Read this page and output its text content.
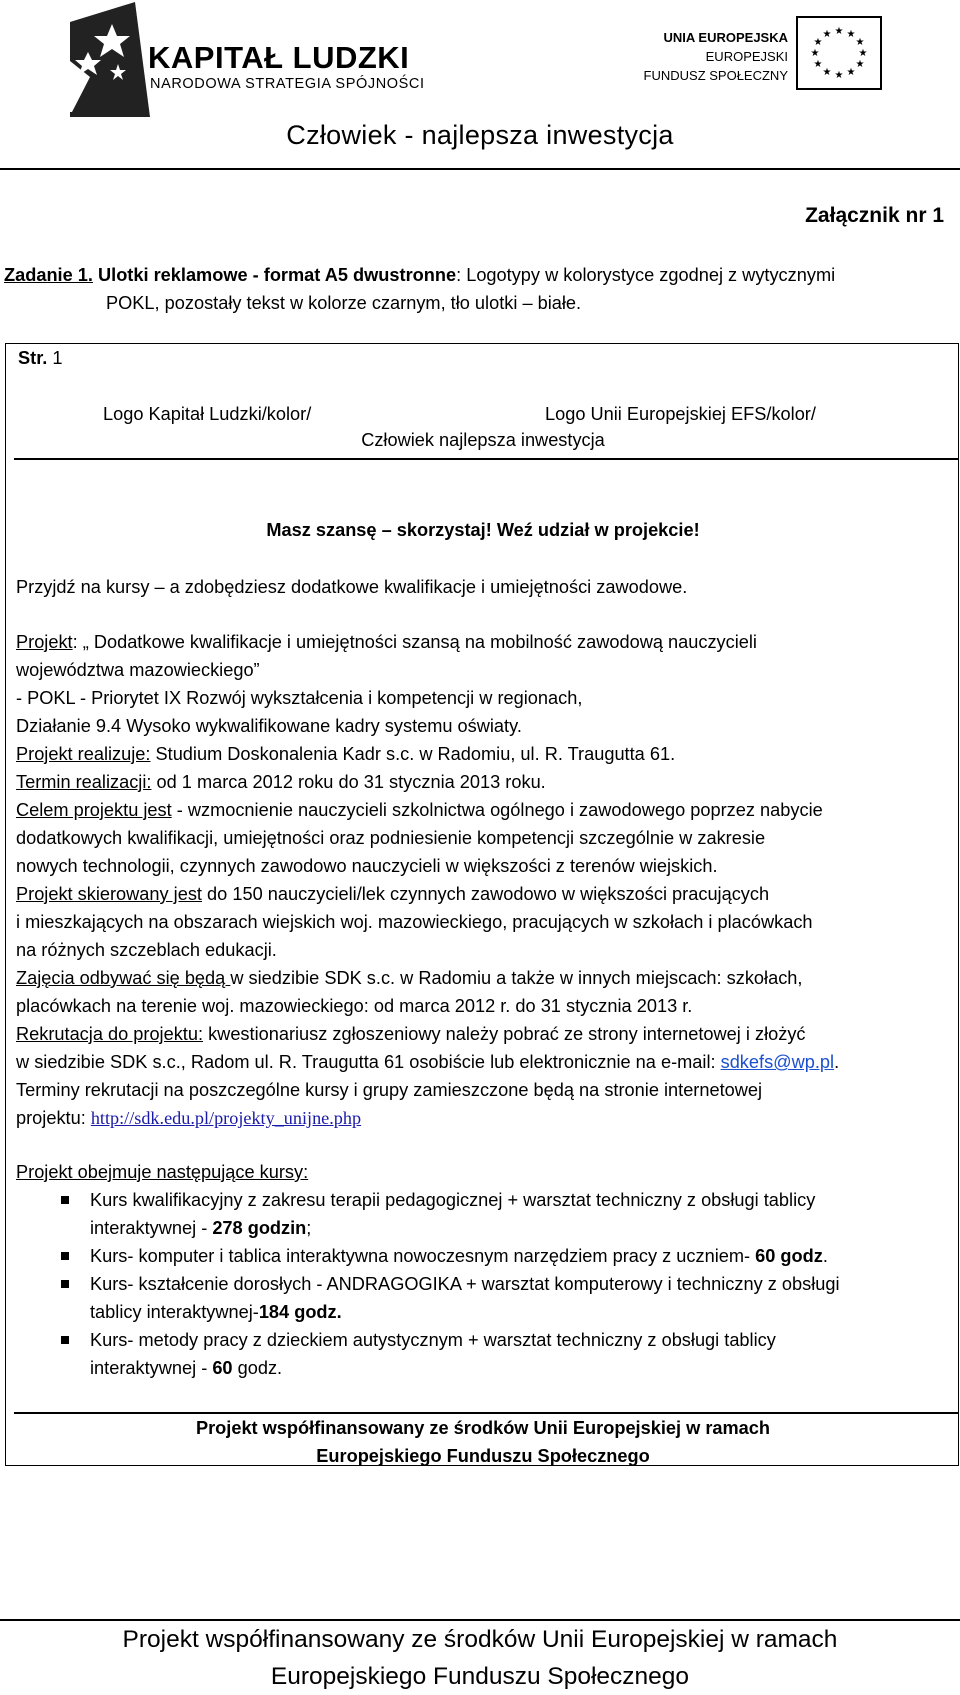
KAPITAŁ LUDZKI
NARODOWA STRATEGIA SPÓJNOŚCI
UNIA EUROPEJSKA
EUROPEJSKI
FUNDUSZ SPOŁECZNY
★ ★
★
★
★
★
★
★
★
★
★
★
Człowiek - najlepsza inwestycja
Załącznik nr 1
Zadanie 1. Ulotki reklamowe - format A5 dwustronne: Logotypy w kolorystyce zgodnej z wytycznymi
POKL, pozostały tekst w kolorze czarnym, tło ulotki – białe.
Str. 1
Logo Kapitał Ludzki/kolor/	Logo Unii Europejskiej EFS/kolor/
Człowiek najlepsza inwestycja
Masz szansę – skorzystaj! Weź udział w projekcie!
Przyjdź na kursy – a zdobędziesz dodatkowe kwalifikacje i umiejętności zawodowe.
Projekt: „ Dodatkowe kwalifikacje i umiejętności szansą na mobilność zawodową nauczycieli
województwa mazowieckiego”
- POKL - Priorytet IX Rozwój wykształcenia i kompetencji w regionach,
Działanie 9.4 Wysoko wykwalifikowane kadry systemu oświaty.
Projekt realizuje: Studium Doskonalenia Kadr s.c. w Radomiu, ul. R. Traugutta 61.
Termin realizacji: od 1 marca 2012 roku do 31 stycznia 2013 roku.
Celem projektu jest - wzmocnienie nauczycieli szkolnictwa ogólnego i zawodowego poprzez nabycie
dodatkowych kwalifikacji, umiejętności oraz podniesienie kompetencji szczególnie w zakresie
nowych technologii, czynnych zawodowo nauczycieli w większości z terenów wiejskich.
Projekt skierowany jest do 150 nauczycieli/lek czynnych zawodowo w większości pracujących
i mieszkających na obszarach wiejskich woj. mazowieckiego, pracujących w szkołach i placówkach
na różnych szczeblach edukacji.
Zajęcia odbywać się będą w siedzibie SDK s.c. w Radomiu a także w innych miejscach: szkołach,
placówkach na terenie woj. mazowieckiego: od marca 2012 r. do 31 stycznia 2013 r.
Rekrutacja do projektu: kwestionariusz zgłoszeniowy należy pobrać ze strony internetowej i złożyć
w siedzibie SDK s.c., Radom ul. R. Traugutta 61 osobiście lub elektronicznie na e-mail: sdkefs@wp.pl.
Terminy rekrutacji na poszczególne kursy i grupy zamieszczone będą na stronie internetowej
projektu: http://sdk.edu.pl/projekty_unijne.php
Projekt obejmuje następujące kursy:
Kurs kwalifikacyjny z zakresu terapii pedagogicznej + warsztat techniczny z obsługi tablicy
interaktywnej - 278 godzin;
Kurs- komputer i tablica interaktywna nowoczesnym narzędziem pracy z uczniem- 60 godz.
Kurs- kształcenie dorosłych - ANDRAGOGIKA + warsztat komputerowy i techniczny z obsługi
tablicy interaktywnej-184 godz.
Kurs- metody pracy z dzieckiem autystycznym + warsztat techniczny z obsługi tablicy
interaktywnej - 60 godz.
Projekt współfinansowany ze środków Unii Europejskiej w ramach
Europejskiego Funduszu Społecznego
Projekt współfinansowany ze środków Unii Europejskiej w ramach
Europejskiego Funduszu Społecznego
